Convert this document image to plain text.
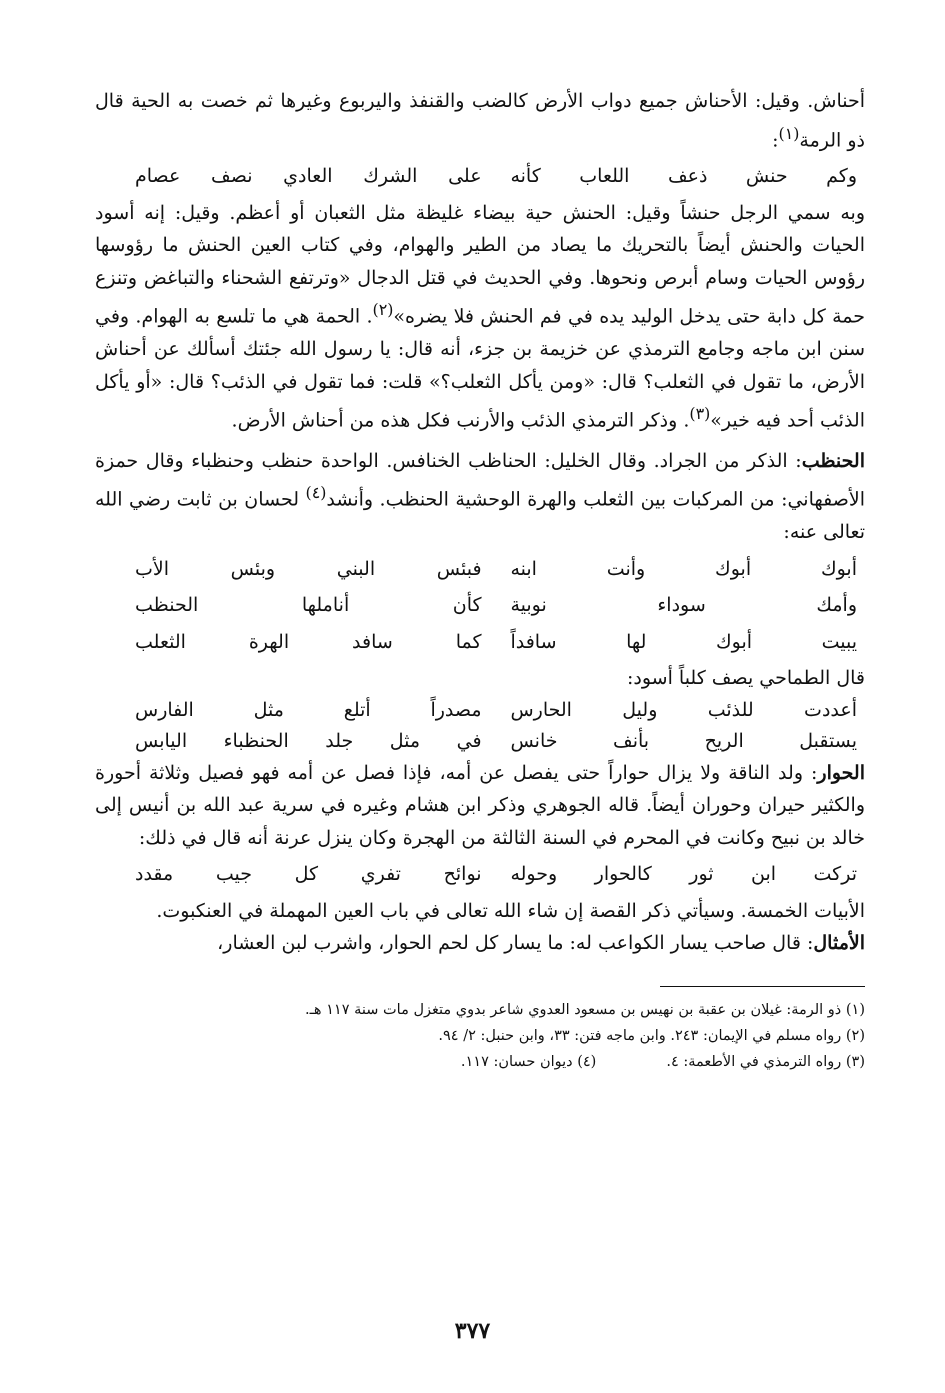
أحناش. وقيل: الأحناش جميع دواب الأرض كالضب والقنفذ واليربوع وغيرها ثم خصت به الحية قال ذو الرمة$^{(١)}$:

وكم حنش ذعف اللعاب كأنه
على الشرك العادي نصف عصام

وبه سمي الرجل حنشاً وقيل: الحنش حية بيضاء غليظة مثل الثعبان أو أعظم. وقيل: إنه أسود الحيات والحنش أيضاً بالتحريك ما يصاد من الطير والهوام، وفي كتاب العين الحنش ما رؤوسها رؤوس الحيات وسام أبرص ونحوها. وفي الحديث في قتل الدجال «وترتفع الشحناء والتباغض وتنزع حمة كل دابة حتى يدخل الوليد يده في فم الحنش فلا يضره»$^{(٢)}$. الحمة هي ما تلسع به الهوام. وفي سنن ابن ماجه وجامع الترمذي عن خزيمة بن جزء، أنه قال: يا رسول الله جئتك أسألك عن أحناش الأرض، ما تقول في الثعلب؟ قال: «ومن يأكل الثعلب؟» قلت: فما تقول في الذئب؟ قال: «أو يأكل الذئب أحد فيه خير»$^{(٣)}$. وذكر الترمذي الذئب والأرنب فكل هذه من أحناش الأرض.

الحنظب: الذكر من الجراد. وقال الخليل: الحناظب الخنافس. الواحدة حنظب وحنظباء وقال حمزة الأصفهاني: من المركبات بين الثعلب والهرة الوحشية الحنظب. وأنشد$^{(٤)}$ لحسان بن ثابت رضي الله تعالى عنه:

أبوك أبوك وأنت ابنه
فبئس البني وبئس الأب
وأمك سوداء نوبية
كأن أناملها الحنظب
يبيت أبوك لها سافداً
كما سافد الهرة الثعلب

قال الطماحي يصف كلباً أسود:

أعددت للذئب وليل الحارس
مصدراً أتلع مثل الفارس
يستقبل الريح بأنف خانس
في مثل جلد الحنظباء اليابس

الحوار: ولد الناقة ولا يزال حواراً حتى يفصل عن أمه، فإذا فصل عن أمه فهو فصيل وثلاثة أحورة والكثير حيران وحوران أيضاً. قاله الجوهري وذكر ابن هشام وغيره في سرية عبد الله بن أنيس إلى خالد بن نبيح وكانت في المحرم في السنة الثالثة من الهجرة وكان ينزل عرنة أنه قال في ذلك:

تركت ابن ثور كالحوار وحوله
نوائح تفري كل جيب مقدد

الأبيات الخمسة. وسيأتي ذكر القصة إن شاء الله تعالى في باب العين المهملة في العنكبوت.

الأمثال: قال صاحب يسار الكواعب له: ما يسار كل لحم الحوار، واشرب لبن العشار،

(١) ذو الرمة: غيلان بن عقبة بن نهيس بن مسعود العدوي شاعر بدوي متغزل مات سنة ١١٧ هـ.

(٢) رواه مسلم في الإيمان: ٢٤٣. وابن ماجه فتن: ٣٣، وابن حنبل: ٢/ ٩٤.

(٣) رواه الترمذي في الأطعمة: ٤.
(٤) ديوان حسان: ١١٧.
٣٧٧
